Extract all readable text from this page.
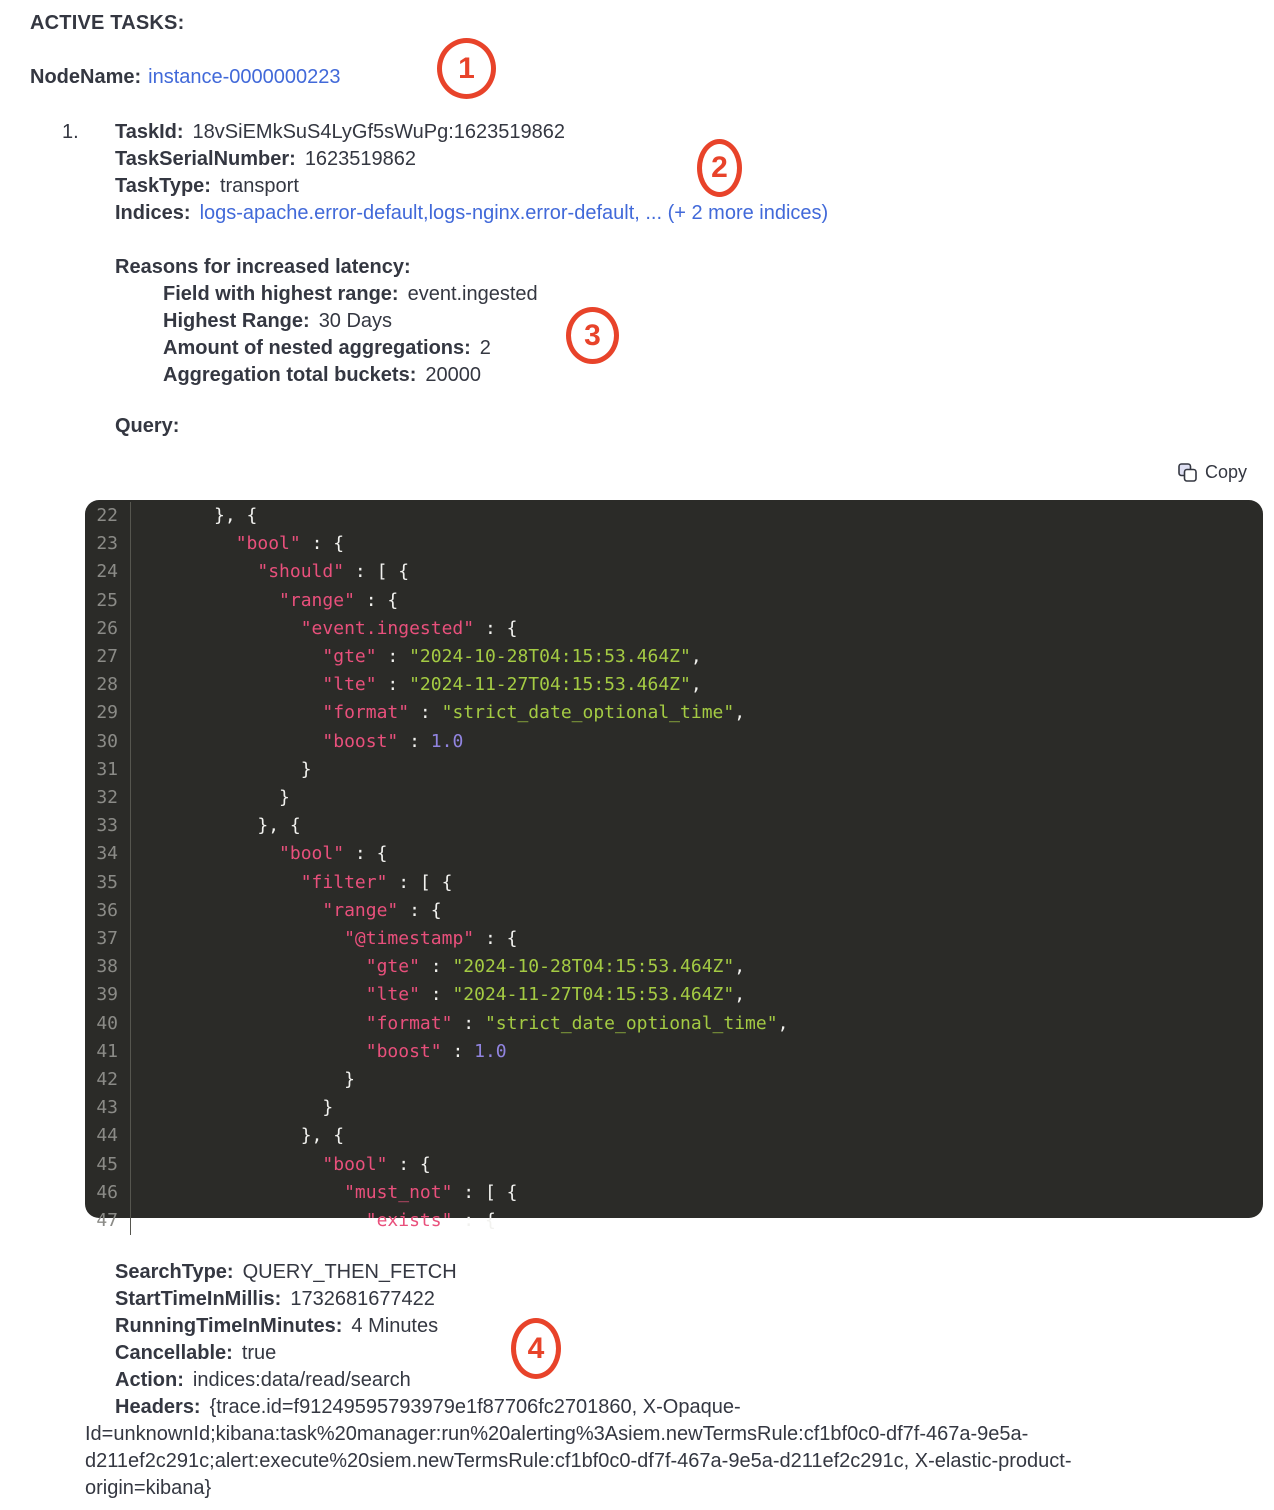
ACTIVE TASKS:
NodeName: instance-0000000223
1. TaskId: 18vSiEMkSuS4LyGf5sWuPg:1623519862
TaskSerialNumber: 1623519862
TaskType: transport
Indices: logs-apache.error-default,logs-nginx.error-default, ... (+ 2 more indices)
Reasons for increased latency:
Field with highest range: event.ingested
Highest Range: 30 Days
Amount of nested aggregations: 2
Aggregation total buckets: 20000
Query:
Copy
22	}, {
23	"bool" : {
24	"should" : [ {
25	"range" : {
26	"event.ingested" : {
27	"gte" : "2024-10-28T04:15:53.464Z",
28	"lte" : "2024-11-27T04:15:53.464Z",
29	"format" : "strict_date_optional_time",
30	"boost" : 1.0
31	}
32	}
33	}, {
34	"bool" : {
35	"filter" : [ {
36	"range" : {
37	"@timestamp" : {
38	"gte" : "2024-10-28T04:15:53.464Z",
39	"lte" : "2024-11-27T04:15:53.464Z",
40	"format" : "strict_date_optional_time",
41	"boost" : 1.0
42	}
43	}
44	}, {
45	"bool" : {
46	"must_not" : [ {
47	"exists" : {
SearchType: QUERY_THEN_FETCH
StartTimeInMillis: 1732681677422
RunningTimeInMinutes: 4 Minutes
Cancellable: true
Action: indices:data/read/search

Headers: {trace.id=f91249595793979e1f87706fc2701860, X-Opaque-Id=unknownId;kibana:task%20manager:run%20alerting%3Asiem.newTermsRule:cf1bf0c0-df7f-467a-9e5a-d211ef2c291c;alert:execute%20siem.newTermsRule:cf1bf0c0-df7f-467a-9e5a-d211ef2c291c, X-elastic-product-origin=kibana}

1
2
3
4
